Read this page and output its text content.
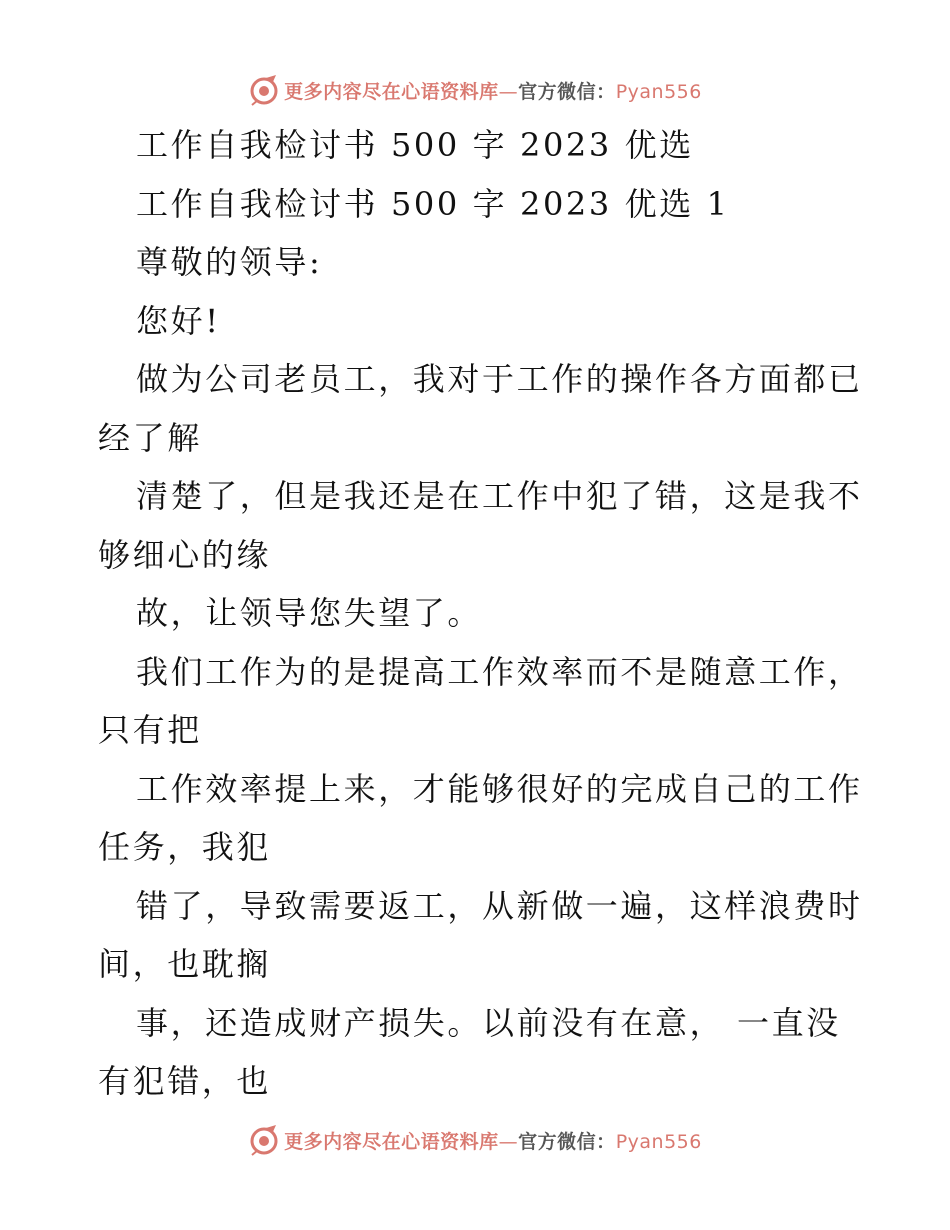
更多内容尽在心语资料库—官方微信：Pyan556
工作自我检讨书 500 字 2023 优选
工作自我检讨书 500 字 2023 优选 1
尊敬的领导:
您好!
做为公司老员工，我对于工作的操作各方面都已
经了解
清楚了，但是我还是在工作中犯了错，这是我不
够细心的缘
故，让领导您失望了。
我们工作为的是提高工作效率而不是随意工作，
只有把
工作效率提上来，才能够很好的完成自己的工作
任务，我犯
错了，导致需要返工，从新做一遍，这样浪费时
间，也耽搁
事，还造成财产损失。以前没有在意， 一直没
有犯错，也
更多内容尽在心语资料库—官方微信：Pyan556
